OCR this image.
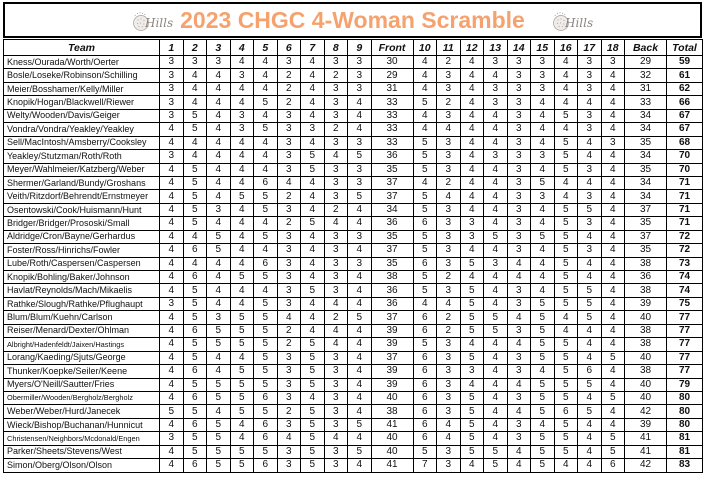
Hills 2023 CHGC 4-Woman Scramble	Hills
Team	1	2	3	4	5	6	7	8	9	Front	10	11	12	13	14	15	16	17	18	Back	Total
Kness/Ourada/Worth/Oerter	3	3	3	4	4	3	4	3	3	30	4	2	4	3	3	3	4	3	3	29	59
Bosle/Loseke/Robinson/Schilling	3	4	4	3	4	2	4	2	3	29	4	3	4	4	3	3	4	3	4	32	61
Meier/Bosshamer/Kelly/Miller	3	4	4	4	4	2	4	3	3	31	4	3	4	3	3	3	4	3	4	31	62
Knopik/Hogan/Blackwell/Riewer	3	4	4	4	5	2	4	3	4	33	5	2	4	3	3	4	4	4	4	33	66
Welty/Wooden/Davis/Geiger	3	5	4	3	4	3	4	3	4	33	4	3	4	4	3	4	5	3	4	34	67
Vondra/Vondra/Yeakley/Yeakley	4	5	4	3	5	3	3	2	4	33	4	4	4	4	3	4	4	3	4	34	67
Sell/MacIntosh/Amsberry/Cooksley	4	4	4	4	4	3	4	3	3	33	5	3	4	4	3	4	5	4	3	35	68
Yeakley/Stutzman/Roth/Roth	3	4	4	4	4	3	5	4	5	36	5	3	4	3	3	3	5	4	4	34	70
Meyer/Wahlmeier/Katzberg/Weber	4	5	4	4	4	3	5	3	3	35	5	3	4	4	3	4	5	3	4	35	70
Shermer/Garland/Bundy/Groshans	4	5	4	4	6	4	4	3	3	37	4	2	4	4	3	5	4	4	4	34	71
Veith/Ritzdorf/Behrendt/Ernstmeyer	4	5	4	5	5	2	4	3	5	37	5	4	4	4	3	3	4	3	4	34	71
Osentowski/Cook/Huismann/Hunt	4	5	3	4	5	3	4	2	4	34	5	3	4	4	3	4	5	5	4	37	71
Bridger/Bridger/Prososki/Small	4	5	4	4	4	2	5	4	4	36	6	3	3	4	3	4	5	3	4	35	71
Aldridge/Cron/Bayne/Gerhardus	4	4	5	4	5	3	4	3	3	35	5	3	3	5	3	5	5	4	4	37	72
Foster/Ross/Hinrichs/Fowler	4	6	5	4	4	3	4	3	4	37	5	3	4	4	3	4	5	3	4	35	72
Lube/Roth/Caspersen/Caspersen	4	4	4	4	6	3	4	3	3	35	6	3	5	3	4	4	5	4	4	38	73
Knopik/Bohling/Baker/Johnson	4	6	4	5	5	3	4	3	4	38	5	2	4	4	4	4	5	4	4	36	74
Havlat/Reynolds/Mach/Mikaelis	4	5	4	4	4	3	5	3	4	36	5	3	5	4	3	4	5	5	4	38	74
Rathke/Slough/Rathke/Pflughaupt	3	5	4	4	5	3	4	4	4	36	4	4	5	4	3	5	5	5	4	39	75
Blum/Blum/Kuehn/Carlson	4	5	3	5	5	4	4	2	5	37	6	2	5	5	4	5	4	5	4	40	77
Reiser/Menard/Dexter/Ohlman	4	6	5	5	5	2	4	4	4	39	6	2	5	5	3	5	4	4	4	38	77
Albright/Hadenfeldt/Jaixen/Hastings	4	5	5	5	5	2	5	4	4	39	5	3	4	4	4	5	5	4	4	38	77
Lorang/Kaeding/Sjuts/George	4	5	4	4	5	3	5	3	4	37	6	3	5	4	3	5	5	4	5	40	77
Thunker/Koepke/Seiler/Keene	4	6	4	5	5	3	5	3	4	39	6	3	3	4	3	4	5	6	4	38	77
Myers/O'Neill/Sautter/Fries	4	5	5	5	5	3	5	3	4	39	6	3	4	4	4	5	5	5	4	40	79
Obermiller/Wooden/Bergholz/Bergholz	4	6	5	5	6	3	4	3	4	40	6	3	5	4	3	5	5	4	5	40	80
Weber/Weber/Hurd/Janecek	5	5	4	5	5	2	5	3	4	38	6	3	5	4	4	5	6	5	4	42	80
Wieck/Bishop/Buchanan/Hunnicut	4	6	5	4	6	3	5	3	5	41	6	4	5	4	3	4	5	4	4	39	80
Christensen/Neighbors/Mcdonald/Engen	3	5	5	4	6	4	5	4	4	40	6	4	5	4	3	5	5	4	5	41	81
Parker/Sheets/Stevens/West	4	5	5	5	5	3	5	3	5	40	5	3	5	5	4	5	5	4	5	41	81
Simon/Oberg/Olson/Olson	4	6	5	5	6	3	5	3	4	41	7	3	4	5	4	5	4	4	6	42	83
